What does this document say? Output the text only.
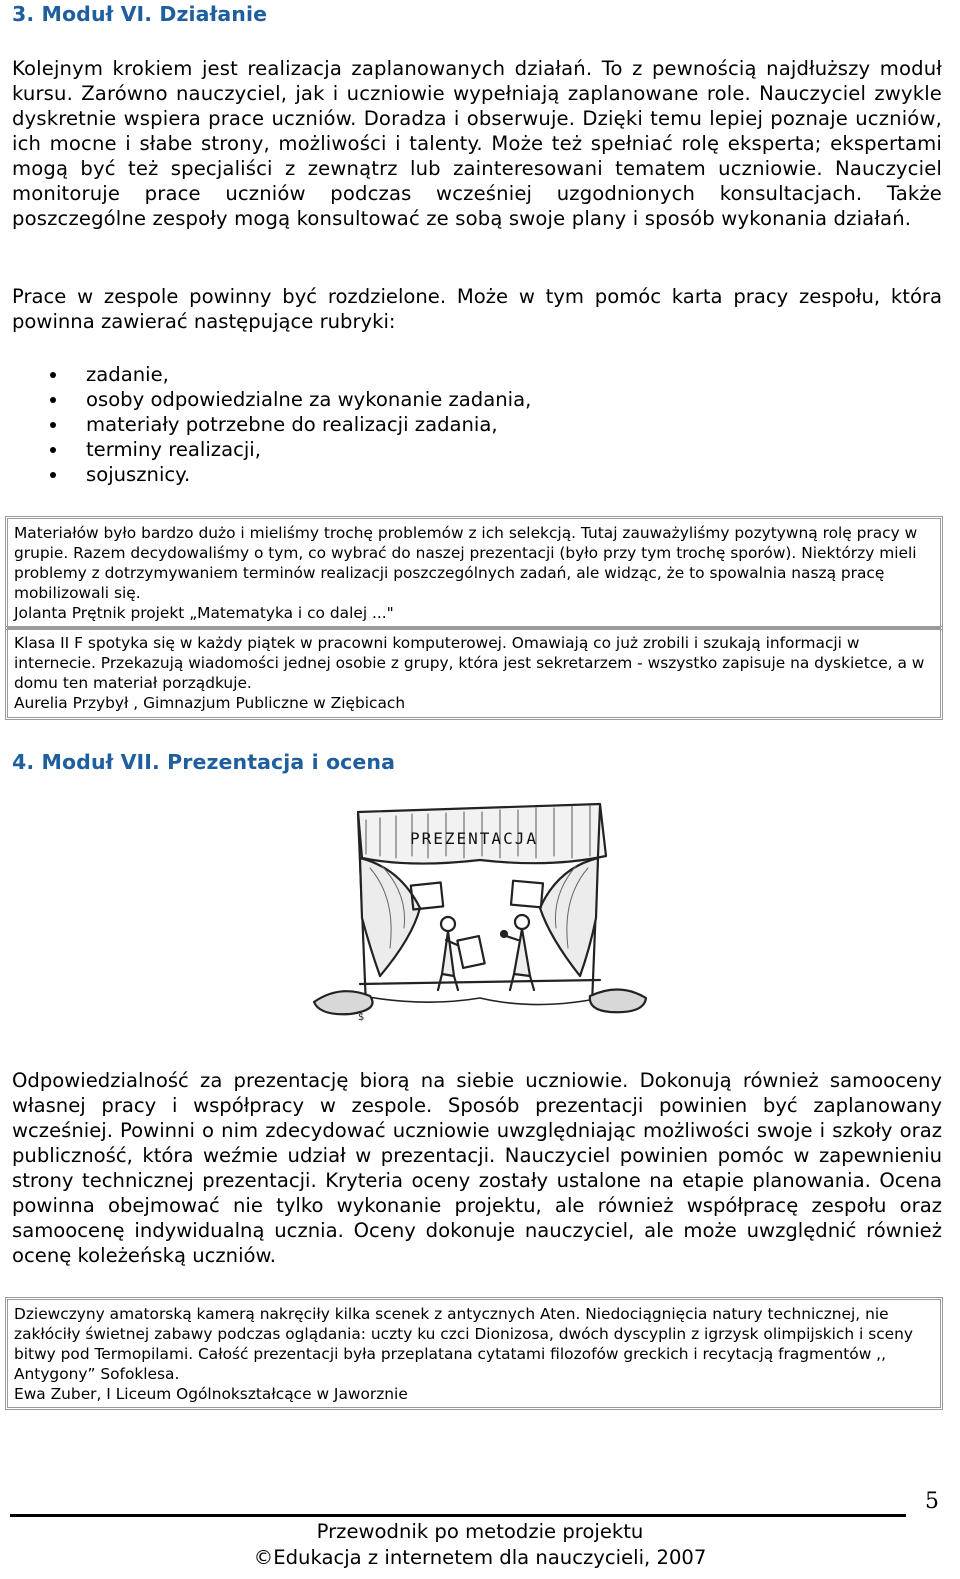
3. Moduł VI. Działanie

Kolejnym krokiem jest realizacja zaplanowanych działań. To z pewnością najdłuższy moduł kursu. Zarówno nauczyciel, jak i uczniowie wypełniają zaplanowane role. Nauczyciel zwykle dyskretnie wspiera prace uczniów. Doradza i obserwuje. Dzięki temu lepiej poznaje uczniów, ich mocne i słabe strony, możliwości i talenty. Może też spełniać rolę eksperta; ekspertami mogą być też specjaliści z zewnątrz lub zainteresowani tematem uczniowie. Nauczyciel monitoruje prace uczniów podczas wcześniej uzgodnionych konsultacjach. Także poszczególne zespoły mogą konsultować ze sobą swoje plany i sposób wykonania działań.

Prace w zespole powinny być rozdzielone. Może w tym pomóc karta pracy zespołu, która powinna zawierać następujące rubryki:

zadanie,
osoby odpowiedzialne za wykonanie zadania,
materiały potrzebne do realizacji zadania,
terminy realizacji,
sojusznicy.

Materiałów było bardzo dużo i mieliśmy trochę problemów z ich selekcją. Tutaj zauważyliśmy pozytywną rolę pracy w grupie. Razem decydowaliśmy o tym, co wybrać do naszej prezentacji (było przy tym trochę sporów). Niektórzy mieli problemy z dotrzymywaniem terminów realizacji poszczególnych zadań, ale widząc, że to spowalnia naszą pracę mobilizowali się.

Jolanta Prętnik projekt „Matematyka i co dalej ..."

Klasa II F spotyka się w każdy piątek w pracowni komputerowej. Omawiają co już zrobili i szukają informacji w internecie. Przekazują wiadomości jednej osobie z grupy, która jest sekretarzem - wszystko zapisuje na dyskietce, a w domu ten materiał porządkuje.

Aurelia Przybył , Gimnazjum Publiczne w Ziębicach

4. Moduł VII. Prezentacja i ocena
$
PREZENTACJA

Odpowiedzialność za prezentację biorą na siebie uczniowie. Dokonują również samooceny własnej pracy i współpracy w zespole. Sposób prezentacji powinien być zaplanowany wcześniej. Powinni o nim zdecydować uczniowie uwzględniając możliwości swoje i szkoły oraz publiczność, która weźmie udział w prezentacji. Nauczyciel powinien pomóc w zapewnieniu strony technicznej prezentacji. Kryteria oceny zostały ustalone na etapie planowania. Ocena powinna obejmować nie tylko wykonanie projektu, ale również współpracę zespołu oraz samoocenę indywidualną ucznia. Oceny dokonuje nauczyciel, ale może uwzględnić również ocenę koleżeńską uczniów.

Dziewczyny amatorską kamerą nakręciły kilka scenek z antycznych Aten. Niedociągnięcia natury technicznej, nie zakłóciły świetnej zabawy podczas oglądania: uczty ku czci Dionizosa, dwóch dyscyplin z igrzysk olimpijskich i sceny bitwy pod Termopilami. Całość prezentacji była przeplatana cytatami filozofów greckich i recytacją fragmentów ,, Antygony” Sofoklesa.

Ewa Zuber, I Liceum Ogólnokształcące w Jaworznie

5
Przewodnik po metodzie projektu
©Edukacja z internetem dla nauczycieli, 2007
